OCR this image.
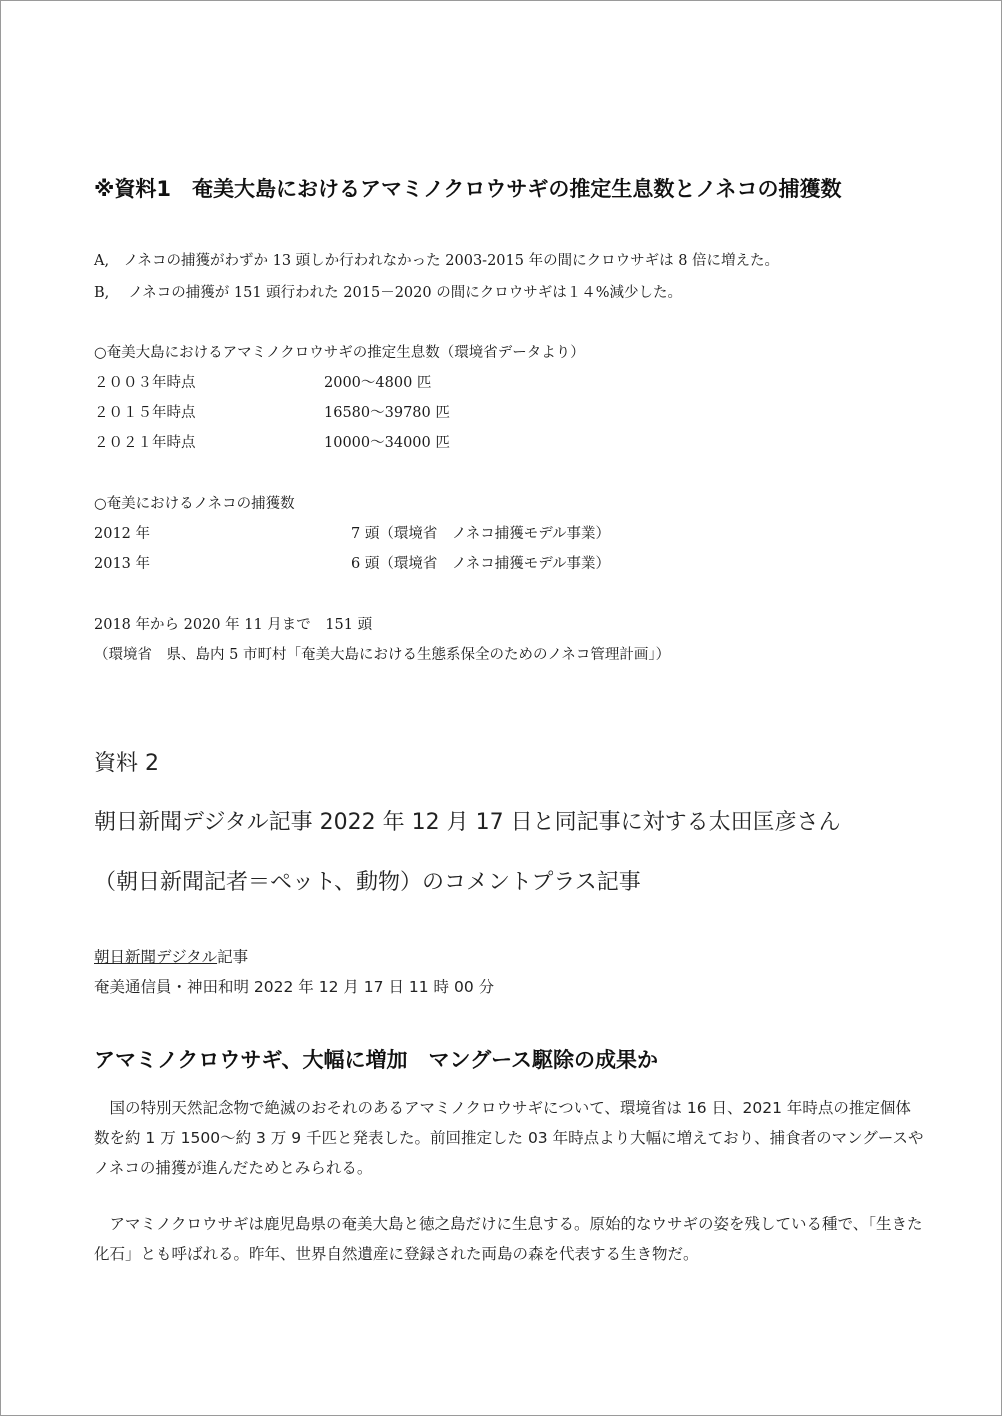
※資料1　奄美大島におけるアマミノクロウサギの推定生息数とノネコの捕獲数
A,　ノネコの捕獲がわずか 13 頭しか行われなかった 2003-2015 年の間にクロウサギは 8 倍に増えた。
B,　 ノネコの捕獲が 151 頭行われた 2015－2020 の間にクロウサギは１４%減少した。
○奄美大島におけるアマミノクロウサギの推定生息数（環境省データより）
２００３年時点	2000～4800 匹
２０１５年時点	16580～39780 匹
２０２１年時点	10000～34000 匹
○奄美におけるノネコの捕獲数
2012 年	7 頭（環境省　ノネコ捕獲モデル事業）
2013 年	6 頭（環境省　ノネコ捕獲モデル事業）
2018 年から 2020 年 11 月まで　151 頭
（環境省　県、島内 5 市町村「奄美大島における生態系保全のためのノネコ管理計画」）
資料 2
朝日新聞デジタル記事 2022 年 12 月 17 日と同記事に対する太田匡彦さん
（朝日新聞記者＝ペット、動物）のコメントプラス記事
朝日新聞デジタル記事
奄美通信員・神田和明 2022 年 12 月 17 日 11 時 00 分
アマミノクロウサギ、大幅に増加　マングース駆除の成果か
　国の特別天然記念物で絶滅のおそれのあるアマミノクロウサギについて、環境省は 16 日、2021 年時点の推定個体数を約 1 万 1500～約 3 万 9 千匹と発表した。前回推定した 03 年時点より大幅に増えており、捕食者のマングースやノネコの捕獲が進んだためとみられる。
　アマミノクロウサギは鹿児島県の奄美大島と徳之島だけに生息する。原始的なウサギの姿を残している種で、「生きた化石」とも呼ばれる。昨年、世界自然遺産に登録された両島の森を代表する生き物だ。
